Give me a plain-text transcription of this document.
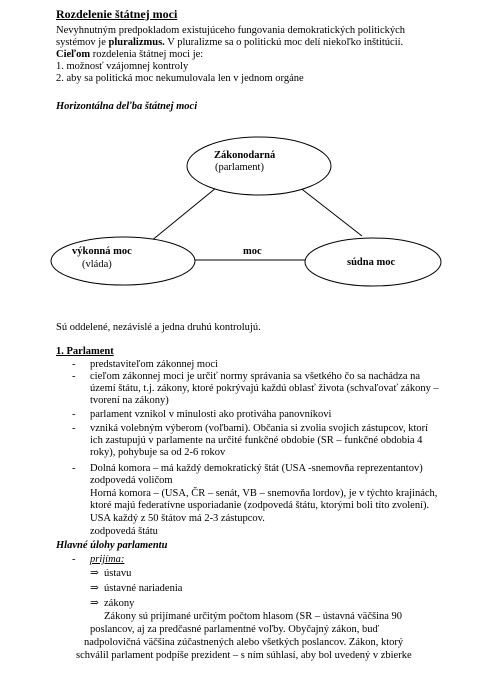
Rozdelenie štátnej moci
Nevyhnutným predpokladom existujúceho fungovania demokratických politických
systémov je pluralizmus. V pluralizme sa o politickú moc delí niekoľko inštitúcií.
Cieľom rozdelenia štátnej moci je:
1. možnosť vzájomnej kontroly
2. aby sa politická moc nekumulovala len v jednom orgáne
Horizontálna deľba štátnej moci
Zákonodarná
(parlament)
výkonná moc
(vláda)	súdna moc
moc
Sú oddelené, nezávislé a jedna druhú kontrolujú.
1. Parlament
- predstaviteľom zákonnej moci
- cieľom zákonnej moci je určiť normy správania sa všetkého čo sa nachádza na
území štátu, t.j. zákony, ktoré pokrývajú každú oblasť života (schvaľovať zákony –
tvorení na zákony)
- parlament vznikol v minulosti ako protiváha panovníkovi
- vzniká volebným výberom (voľbami). Občania si zvolia svojich zástupcov, ktorí
ich zastupujú v parlamente na určité funkčné obdobie (SR – funkčné obdobia 4
roky), pohybuje sa od 2-6 rokov
- Dolná komora – má každý demokratický štát (USA -snemovňa reprezentantov)
zodpovedá voličom
Horná komora – (USA, ČR – senát, VB – snemovňa lordov), je v týchto krajinách,
ktoré majú federatívne usporiadanie (zodpovedá štátu, ktorými boli títo zvolení).
USA každý z 50 štátov má 2-3 zástupcov.
zodpovedá štátu
Hlavné úlohy parlamentu
- prijíma:
⇒ ústavu
⇒ ústavné nariadenia
⇒ zákony
Zákony sú prijímané určitým počtom hlasom (SR – ústavná väčšina 90
poslancov, aj za predčasné parlamentné voľby. Obyčajný zákon, buď
nadpolovičná väčšina zúčastnených alebo všetkých poslancov. Zákon, ktorý
schválil parlament podpíše prezident – s ním súhlasí, aby bol uvedený v zbierke
